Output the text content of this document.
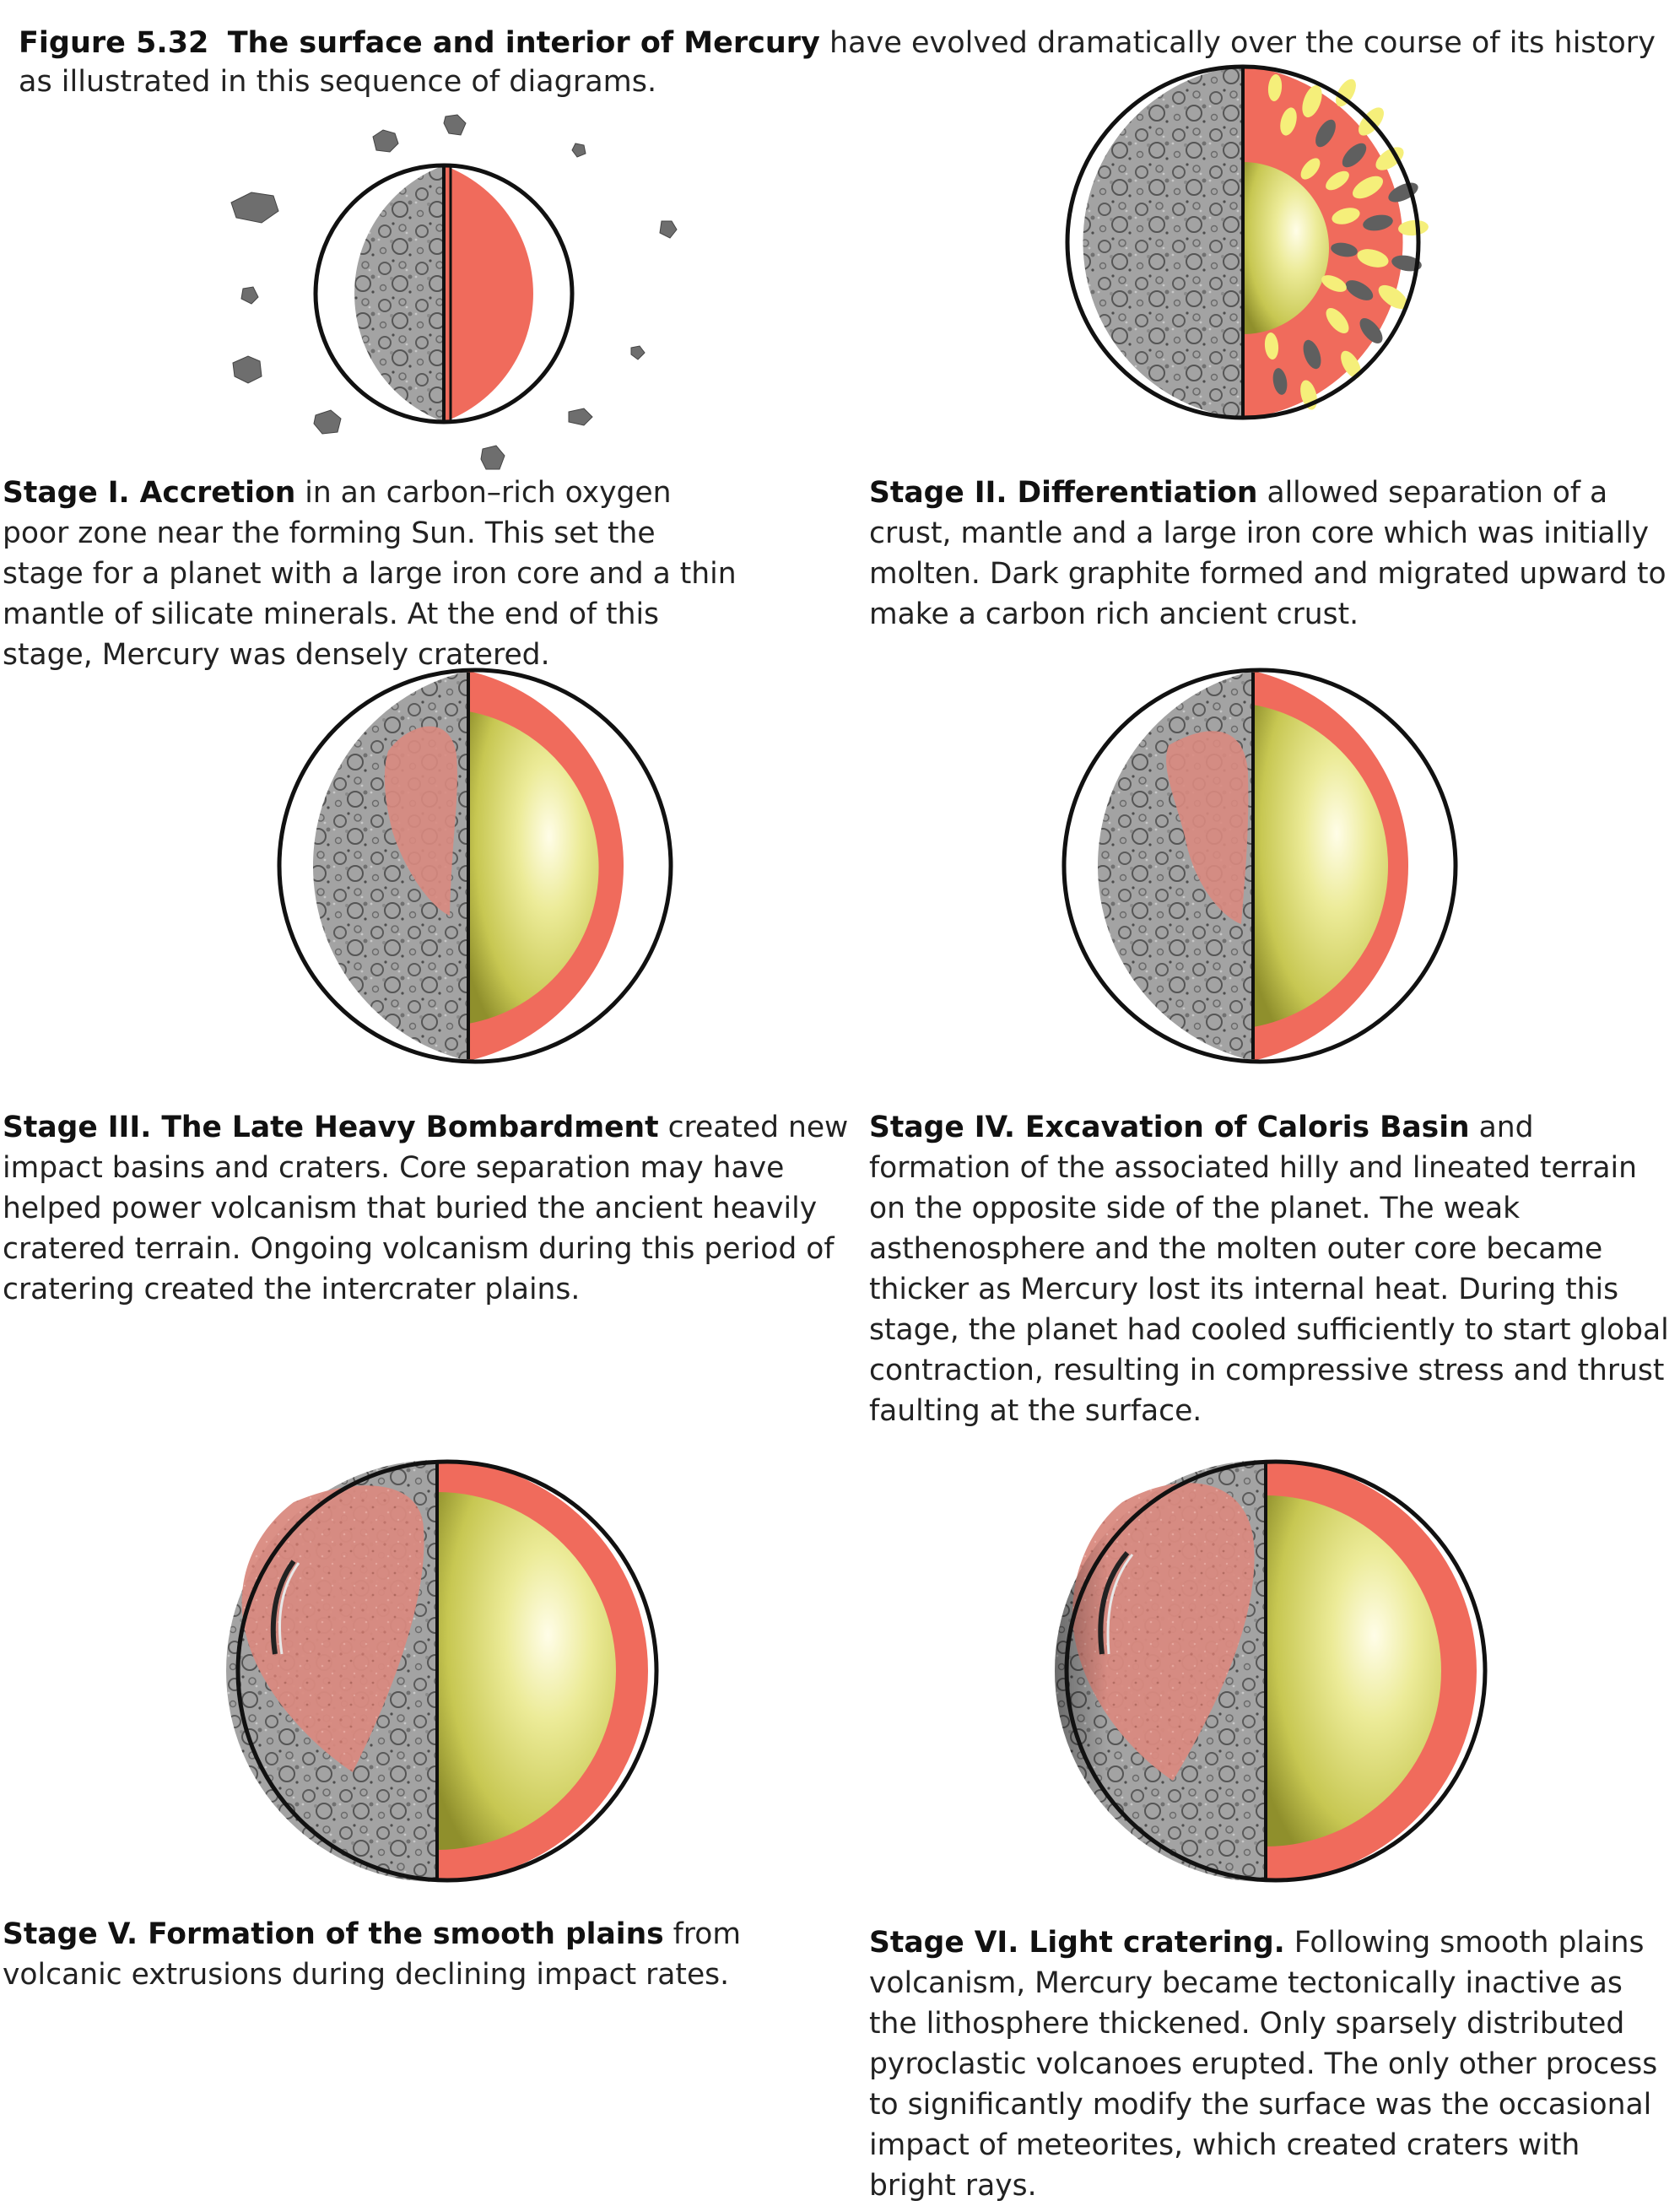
Figure 5.32 The surface and interior of Mercury have evolved dramatically over the course of its history as illustrated in this sequence of diagrams.
Stage I. Accretion in an carbon–rich oxygen poor zone near the forming Sun. This set the stage for a planet with a large iron core and a thin mantle of silicate minerals. At the end of this stage, Mercury was densely cratered.
Stage II. Differentiation allowed separation of a crust, mantle and a large iron core which was initially molten. Dark graphite formed and migrated upward to make a carbon rich ancient crust.
Stage III. The Late Heavy Bombardment created new impact basins and craters. Core separation may have helped power volcanism that buried the ancient heavily cratered terrain. Ongoing volcanism during this period of cratering created the intercrater plains.
Stage IV. Excavation of Caloris Basin and formation of the associated hilly and lineated terrain on the opposite side of the planet. The weak asthenosphere and the molten outer core became thicker as Mercury lost its internal heat. During this stage, the planet had cooled sufficiently to start global contraction, resulting in compressive stress and thrust faulting at the surface.
Stage V. Formation of the smooth plains from volcanic extrusions during declining impact rates.
Stage VI. Light cratering. Following smooth plains volcanism, Mercury became tectonically inactive as the lithosphere thickened. Only sparsely distributed pyroclastic volcanoes erupted. The only other process to significantly modify the surface was the occasional impact of meteorites, which created craters with bright rays.
